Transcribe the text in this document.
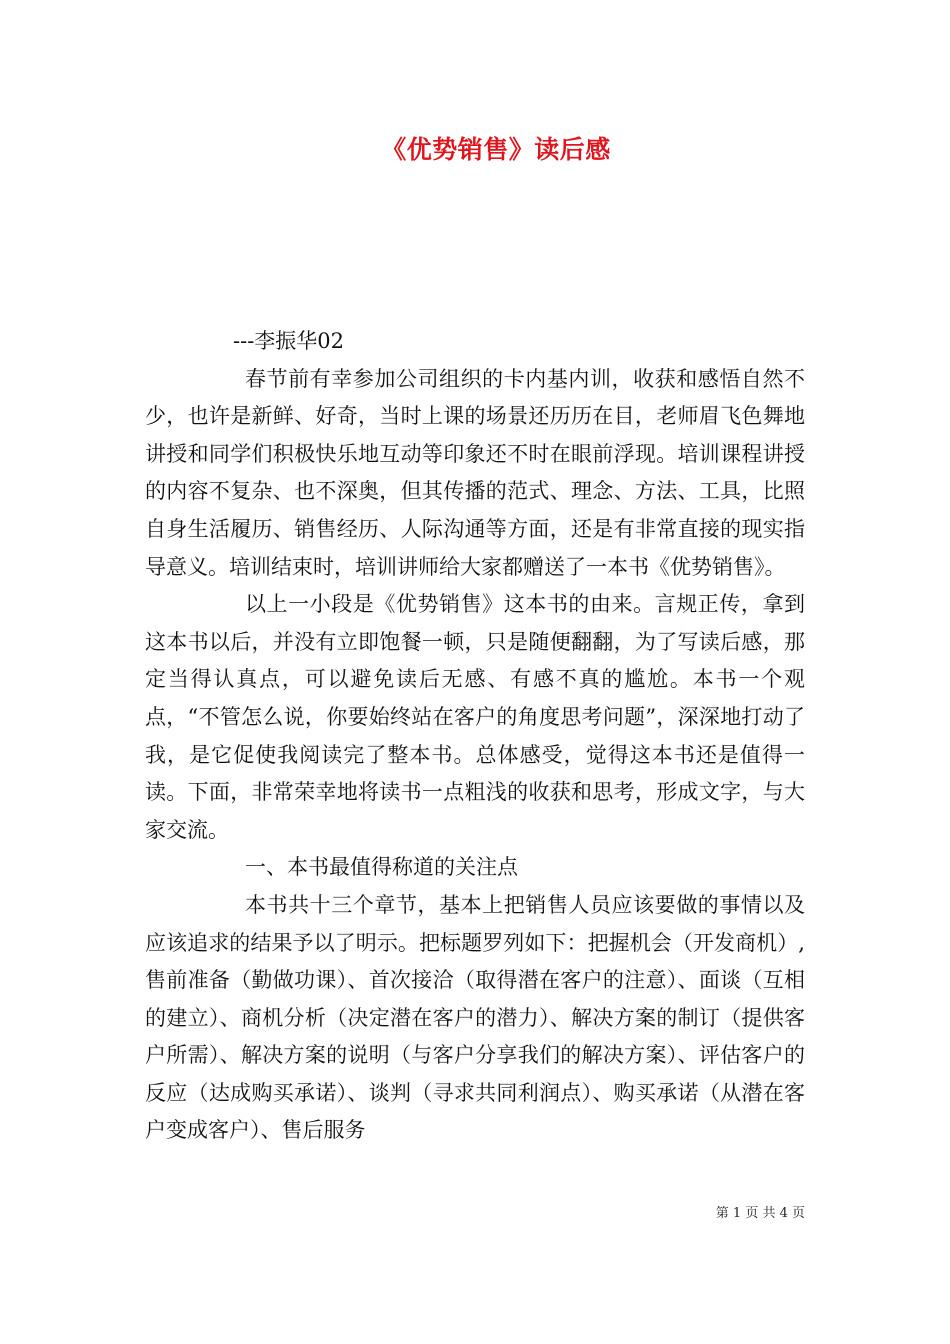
《优势销售》读后感

---李振华02

春节前有幸参加公司组织的卡内基内训，收获和感悟自然不少，也许是新鲜、好奇，当时上课的场景还历历在目，老师眉飞色舞地讲授和同学们积极快乐地互动等印象还不时在眼前浮现。培训课程讲授的内容不复杂、也不深奥，但其传播的范式、理念、方法、工具，比照自身生活履历、销售经历、人际沟通等方面，还是有非常直接的现实指导意义。培训结束时，培训讲师给大家都赠送了一本书《优势销售》。

以上一小段是《优势销售》这本书的由来。言规正传，拿到这本书以后，并没有立即饱餐一顿，只是随便翻翻，为了写读后感，那定当得认真点，可以避免读后无感、有感不真的尴尬。本书一个观点，“不管怎么说，你要始终站在客户的角度思考问题”，深深地打动了我，是它促使我阅读完了整本书。总体感受，觉得这本书还是值得一读。下面，非常荣幸地将读书一点粗浅的收获和思考，形成文字，与大家交流。

一、本书最值得称道的关注点

本书共十三个章节，基本上把销售人员应该要做的事情以及应该追求的结果予以了明示。把标题罗列如下：把握机会（开发商机）,售前准备（勤做功课）、首次接洽（取得潜在客户的注意）、面谈（互相的建立）、商机分析（决定潜在客户的潜力）、解决方案的制订（提供客户所需）、解决方案的说明（与客户分享我们的解决方案）、评估客户的反应（达成购买承诺）、谈判（寻求共同利润点）、购买承诺（从潜在客户变成客户）、售后服务

第 1 页 共 4 页
